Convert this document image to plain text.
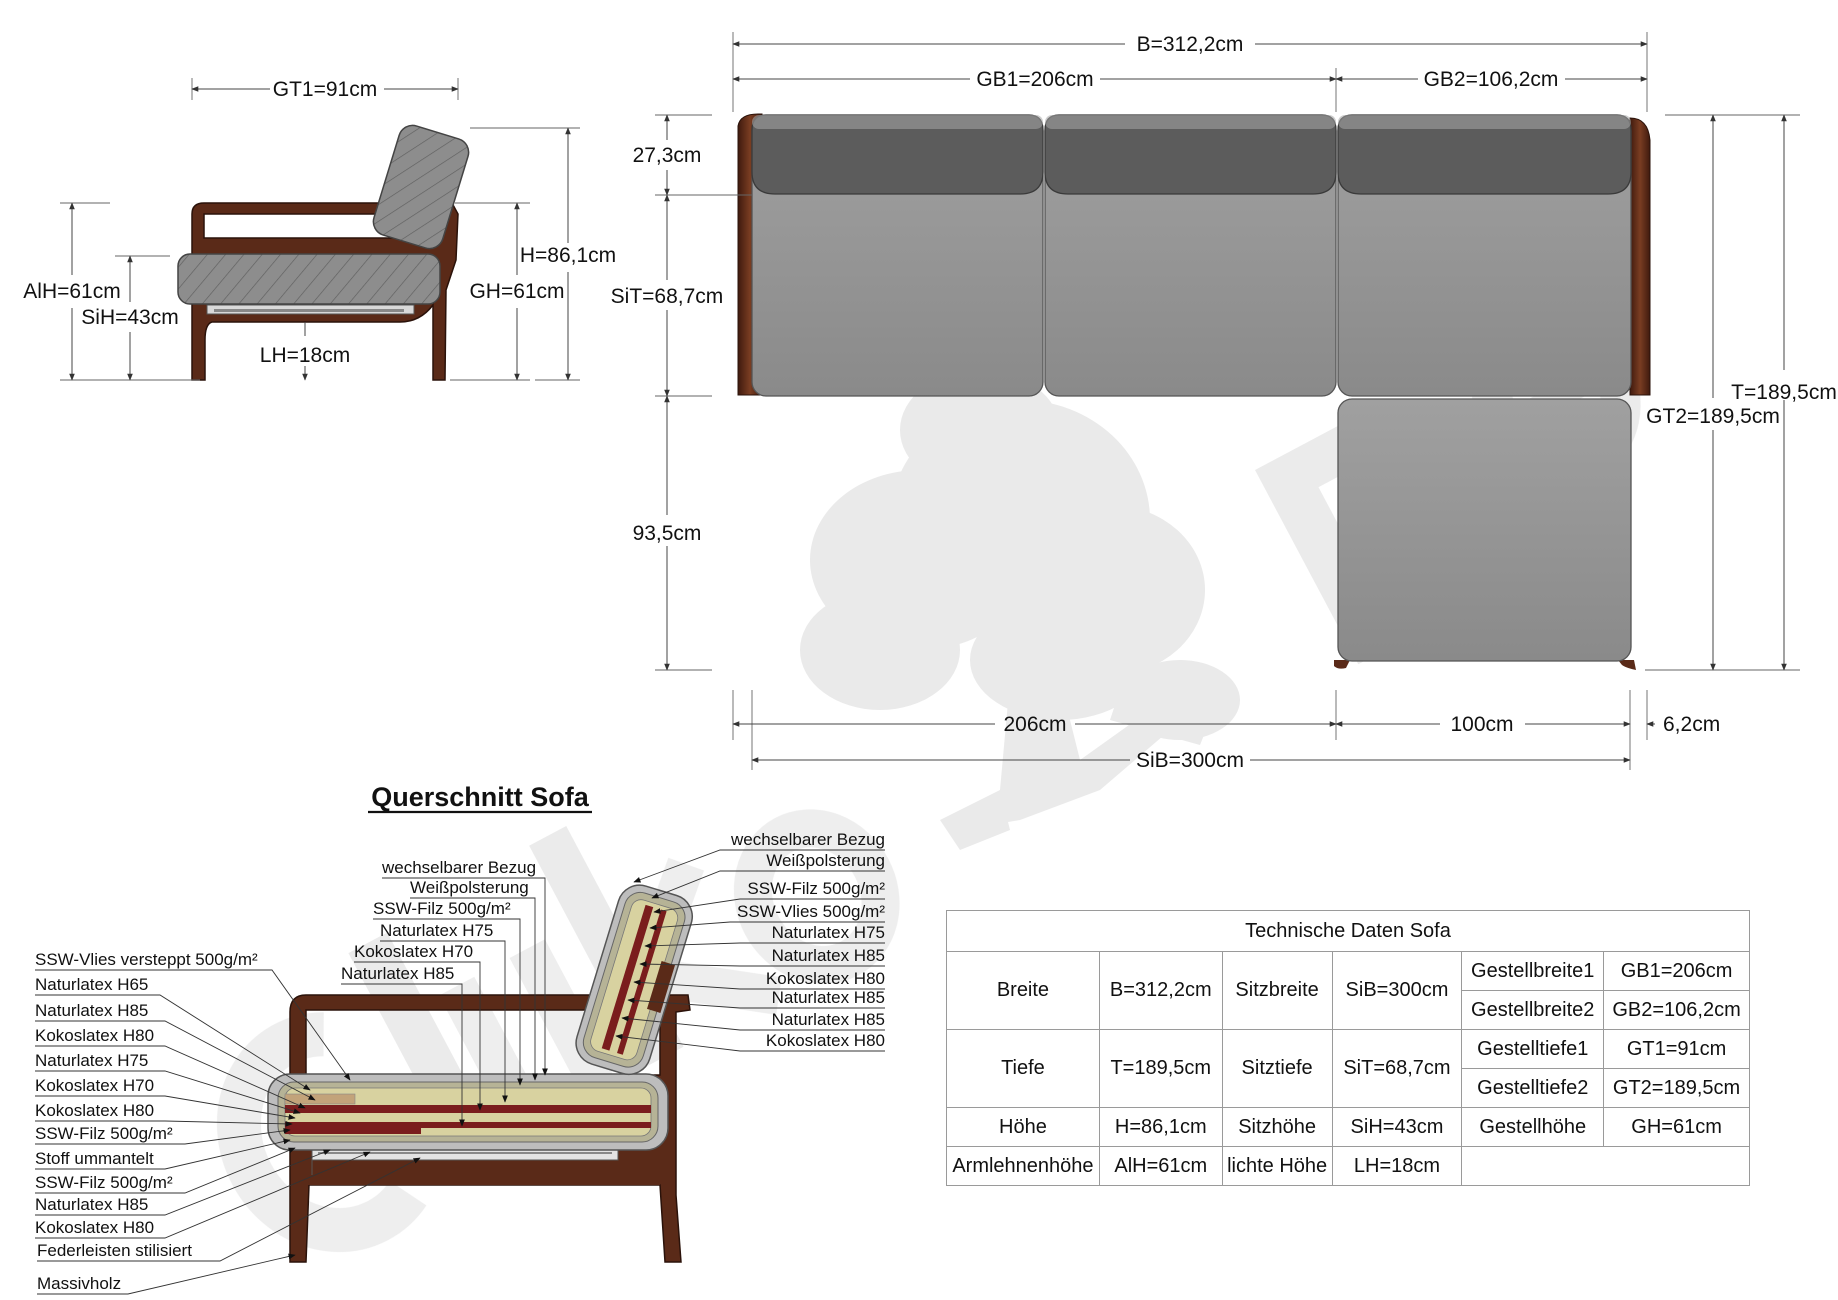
GT1=91cm
AlH=61cm
SiH=43cm
LH=18cm
GH=61cm
H=86,1cm
B=312,2cm
GB1=206cm	GB2=106,2cm
27,3cm
SiT=68,7cm
93,5cm
GT2=189,5cm
T=189,5cm
206cm	100cm	6,2cm
SiB=300cm
Querschnitt Sofa
SSW-Vlies versteppt 500g/m²
Naturlatex H65
Naturlatex H85
Kokoslatex H80
Naturlatex H75
Kokoslatex H70
Kokoslatex H80
SSW-Filz 500g/m²
Stoff ummantelt
SSW-Filz 500g/m²
Naturlatex H85
Kokoslatex H80
Federleisten stilisiert
Massivholz
wechselbarer Bezug
Weißpolsterung
SSW-Filz 500g/m²
Naturlatex H75
Kokoslatex H70
Naturlatex H85
wechselbarer Bezug
Weißpolsterung
SSW-Filz 500g/m²
SSW-Vlies 500g/m²
Naturlatex H75
Naturlatex H85
Kokoslatex H80
Naturlatex H85
Naturlatex H85
Kokoslatex H80
Technische Daten Sofa					
Breite	B=312,2cm	Sitzbreite	SiB=300cm	Gestellbreite1	GB1=206cm
				Gestellbreite2	GB2=106,2cm
Tiefe	T=189,5cm	Sitztiefe	SiT=68,7cm	Gestelltiefe1	GT1=91cm
				Gestelltiefe2	GT2=189,5cm
Höhe	H=86,1cm	Sitzhöhe	SiH=43cm	Gestellhöhe	GH=61cm
Armlehnenhöhe	AlH=61cm	lichte Höhe	LH=18cm		
